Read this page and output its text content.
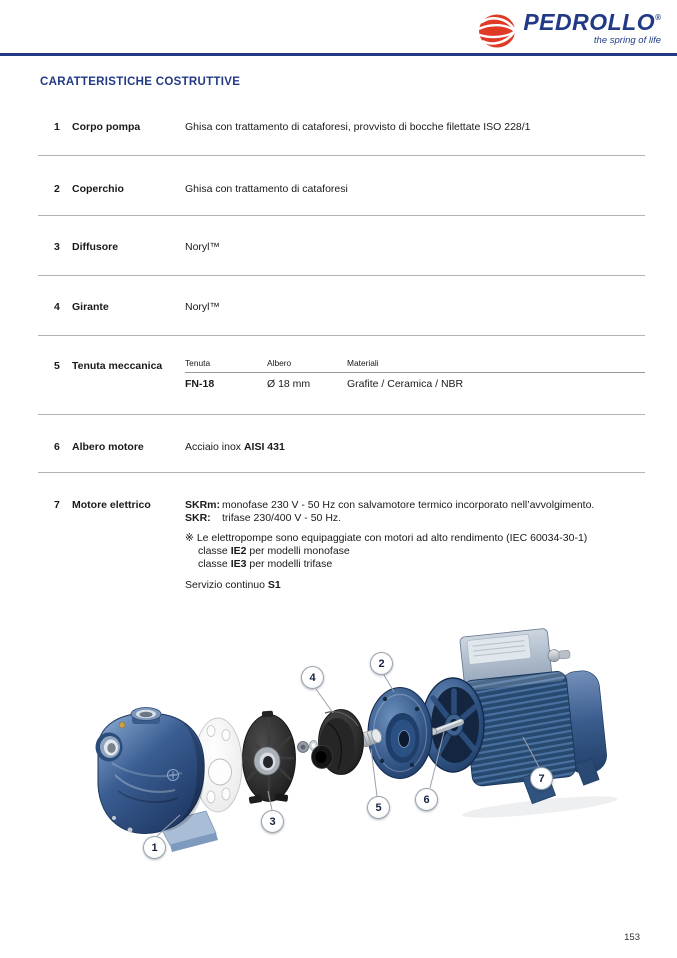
PEDROLLO®
the spring of life
CARATTERISTICHE COSTRUTTIVE
1	Corpo pompa	Ghisa con trattamento di cataforesi, provvisto di bocche filettate ISO 228/1
2	Coperchio	Ghisa con trattamento di cataforesi
3	Diffusore	Noryl™
4	Girante	Noryl™
5	Tenuta meccanica	Tenuta	Albero	Materiali
FN-18	Ø 18 mm	Grafite / Ceramica / NBR
6	Albero motore	Acciaio inox AISI 431
7	Motore elettrico	SKRm: monofase 230 V - 50 Hz con salvamotore termico incorporato nell’avvolgimento.
SKR:	trifase 230/400 V - 50 Hz.
※ Le elettropompe sono equipaggiate con motori ad alto rendimento (IEC 60034-30-1)
classe IE2 per modelli monofase
classe IE3 per modelli trifase
Servizio continuo S1
1
2
3
4
5
6
7
153
